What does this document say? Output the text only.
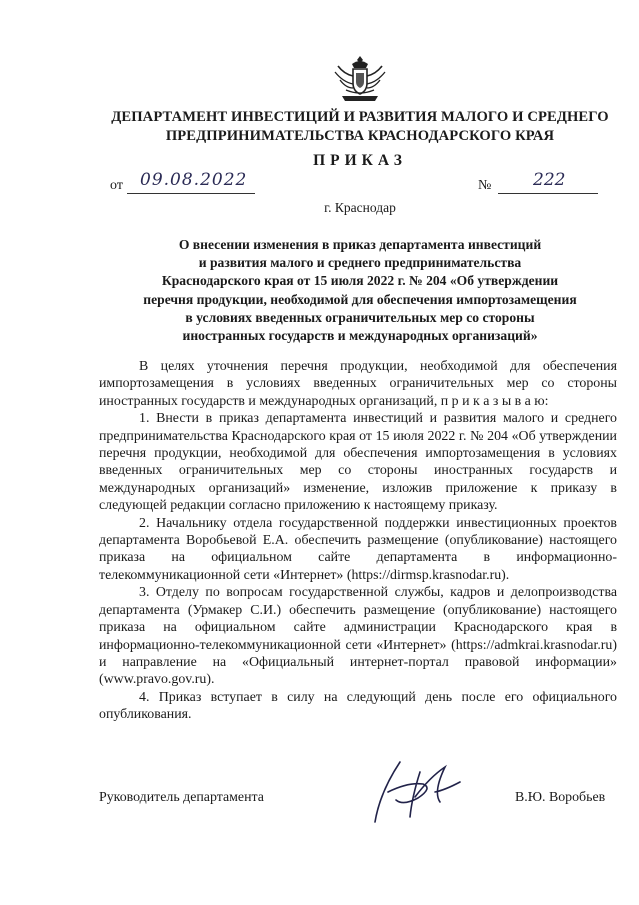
ДЕПАРТАМЕНТ ИНВЕСТИЦИЙ И РАЗВИТИЯ МАЛОГО И СРЕДНЕГО
ПРЕДПРИНИМАТЕЛЬСТВА КРАСНОДАРСКОГО КРАЯ
ПРИКАЗ
от 09.08.2022	№ 222
г. Краснодар
О внесении изменения в приказ департамента инвестиций
и развития малого и среднего предпринимательства
Краснодарского края от 15 июля 2022 г. № 204 «Об утверждении
перечня продукции, необходимой для обеспечения импортозамещения
в условиях введенных ограничительных мер со стороны
иностранных государств и международных организаций»

В целях уточнения перечня продукции, необходимой для обеспечения импортозамещения в условиях введенных ограничительных мер со стороны иностранных государств и международных организаций, п р и к а з ы в а ю:

1. Внести в приказ департамента инвестиций и развития малого и среднего предпринимательства Краснодарского края от 15 июля 2022 г. № 204 «Об утверждении перечня продукции, необходимой для обеспечения импортозамещения в условиях введенных ограничительных мер со стороны иностранных государств и международных организаций» изменение, изложив приложение к приказу в следующей редакции согласно приложению к настоящему приказу.

2. Начальнику отдела государственной поддержки инвестиционных проектов департамента Воробьевой Е.А. обеспечить размещение (опубликование) настоящего приказа на официальном сайте департамента в информационно-телекоммуникационной сети «Интернет» (https://dirmsp.krasnodar.ru).

3. Отделу по вопросам государственной службы, кадров и делопроизводства департамента (Урмакер С.И.) обеспечить размещение (опубликование) настоящего приказа на официальном сайте администрации Краснодарского края в информационно-телекоммуникационной сети «Интернет» (https://admkrai.krasnodar.ru) и направление на «Официальный интернет-портал правовой информации» (www.pravo.gov.ru).

4. Приказ вступает в силу на следующий день после его официального опубликования.

Руководитель департамента	В.Ю. Воробьев
